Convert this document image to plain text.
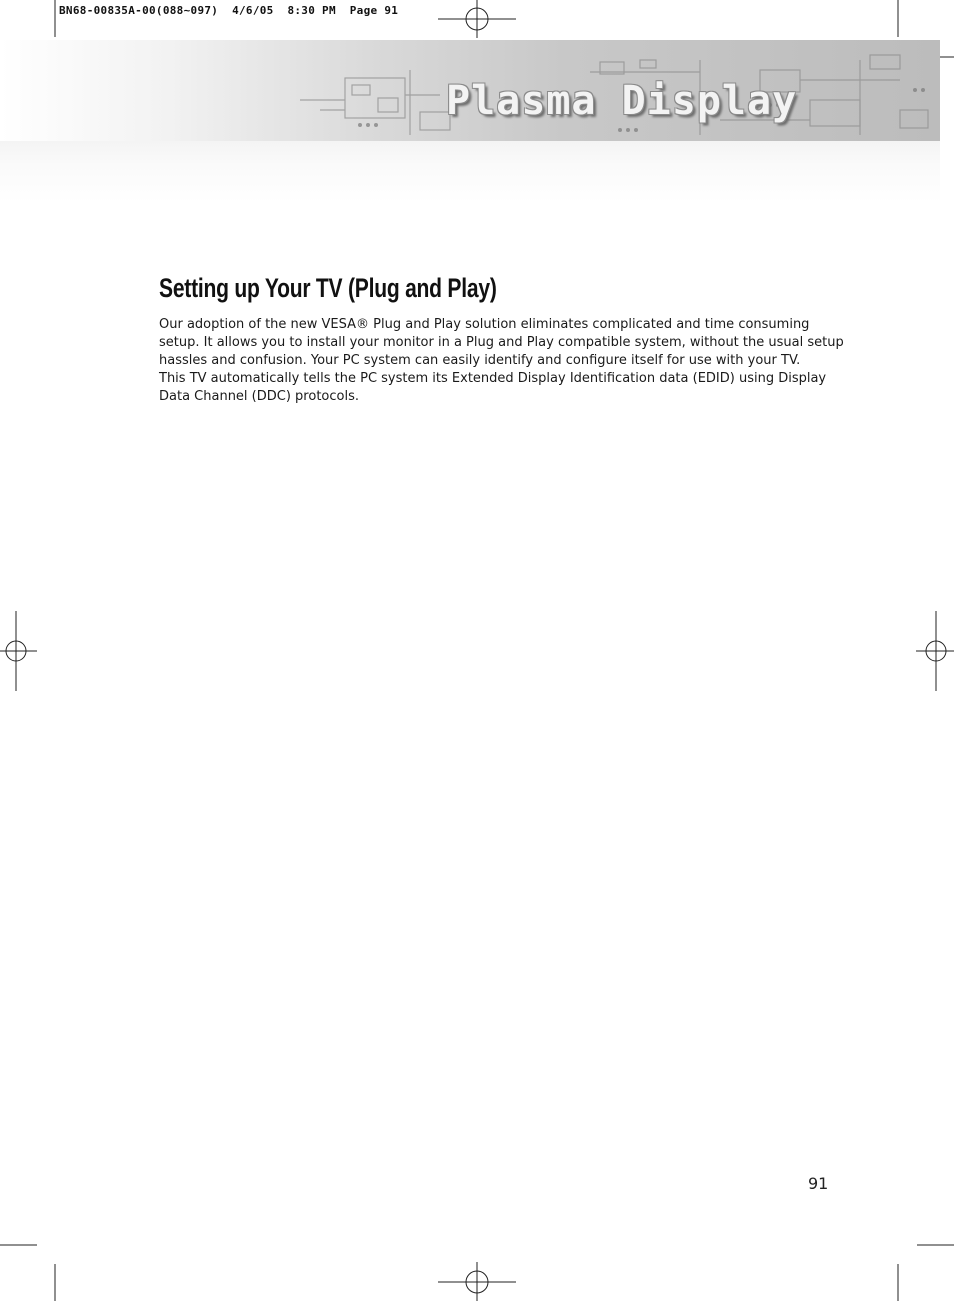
BN68-00835A-00(088~097)  4/6/05  8:30 PM  Page 91
Plasma Display
Setting up Your TV (Plug and Play)
Our adoption of the new VESA® Plug and Play solution eliminates complicated and time consuming
setup. It allows you to install your monitor in a Plug and Play compatible system, without the usual setup
hassles and confusion. Your PC system can easily identify and configure itself for use with your TV.
This TV automatically tells the PC system its Extended Display Identification data (EDID) using Display
Data Channel (DDC) protocols.
91
